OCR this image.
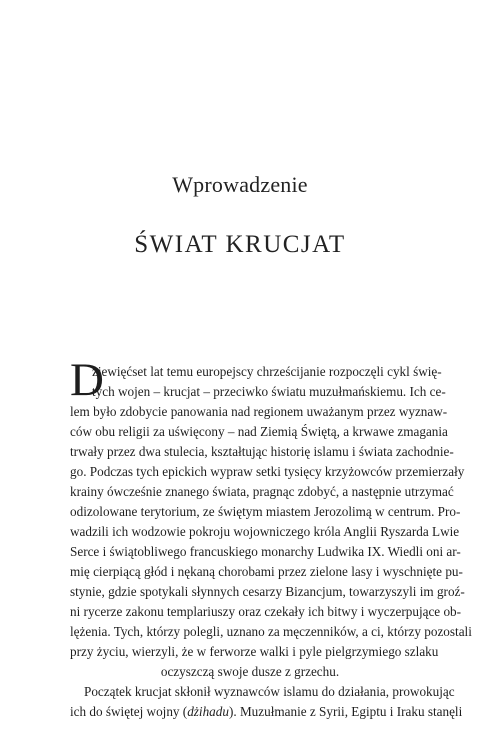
Wprowadzenie
ŚWIAT KRUCJAT
D
ziewięćset lat temu europejscy chrześcijanie rozpoczęli cykl świę-
tych wojen – krucjat – przeciwko światu muzułmańskiemu. Ich ce-
lem było zdobycie panowania nad regionem uważanym przez wyznaw-
ców obu religii za uświęcony – nad Ziemią Świętą, a krwawe zmagania
trwały przez dwa stulecia, kształtując historię islamu i świata zachodnie-
go. Podczas tych epickich wypraw setki tysięcy krzyżowców przemierzały
krainy ówcześnie znanego świata, pragnąc zdobyć, a następnie utrzymać
odizolowane terytorium, ze świętym miastem Jerozolimą w centrum. Pro-
wadzili ich wodzowie pokroju wojowniczego króla Anglii Ryszarda Lwie
Serce i świątobliwego francuskiego monarchy Ludwika IX. Wiedli oni ar-
mię cierpiącą głód i nękaną chorobami przez zielone lasy i wyschnięte pu-
stynie, gdzie spotykali słynnych cesarzy Bizancjum, towarzyszyli im groź-
ni rycerze zakonu templariuszy oraz czekały ich bitwy i wyczerpujące ob-
lężenia. Tych, którzy polegli, uznano za męczenników, a ci, którzy pozostali
przy życiu, wierzyli, że w ferworze walki i pyle pielgrzymiego szlaku
oczyszczą swoje dusze z grzechu.
Początek krucjat skłonił wyznawców islamu do działania, prowokując
ich do świętej wojny (dżihadu). Muzułmanie z Syrii, Egiptu i Iraku stanęli
